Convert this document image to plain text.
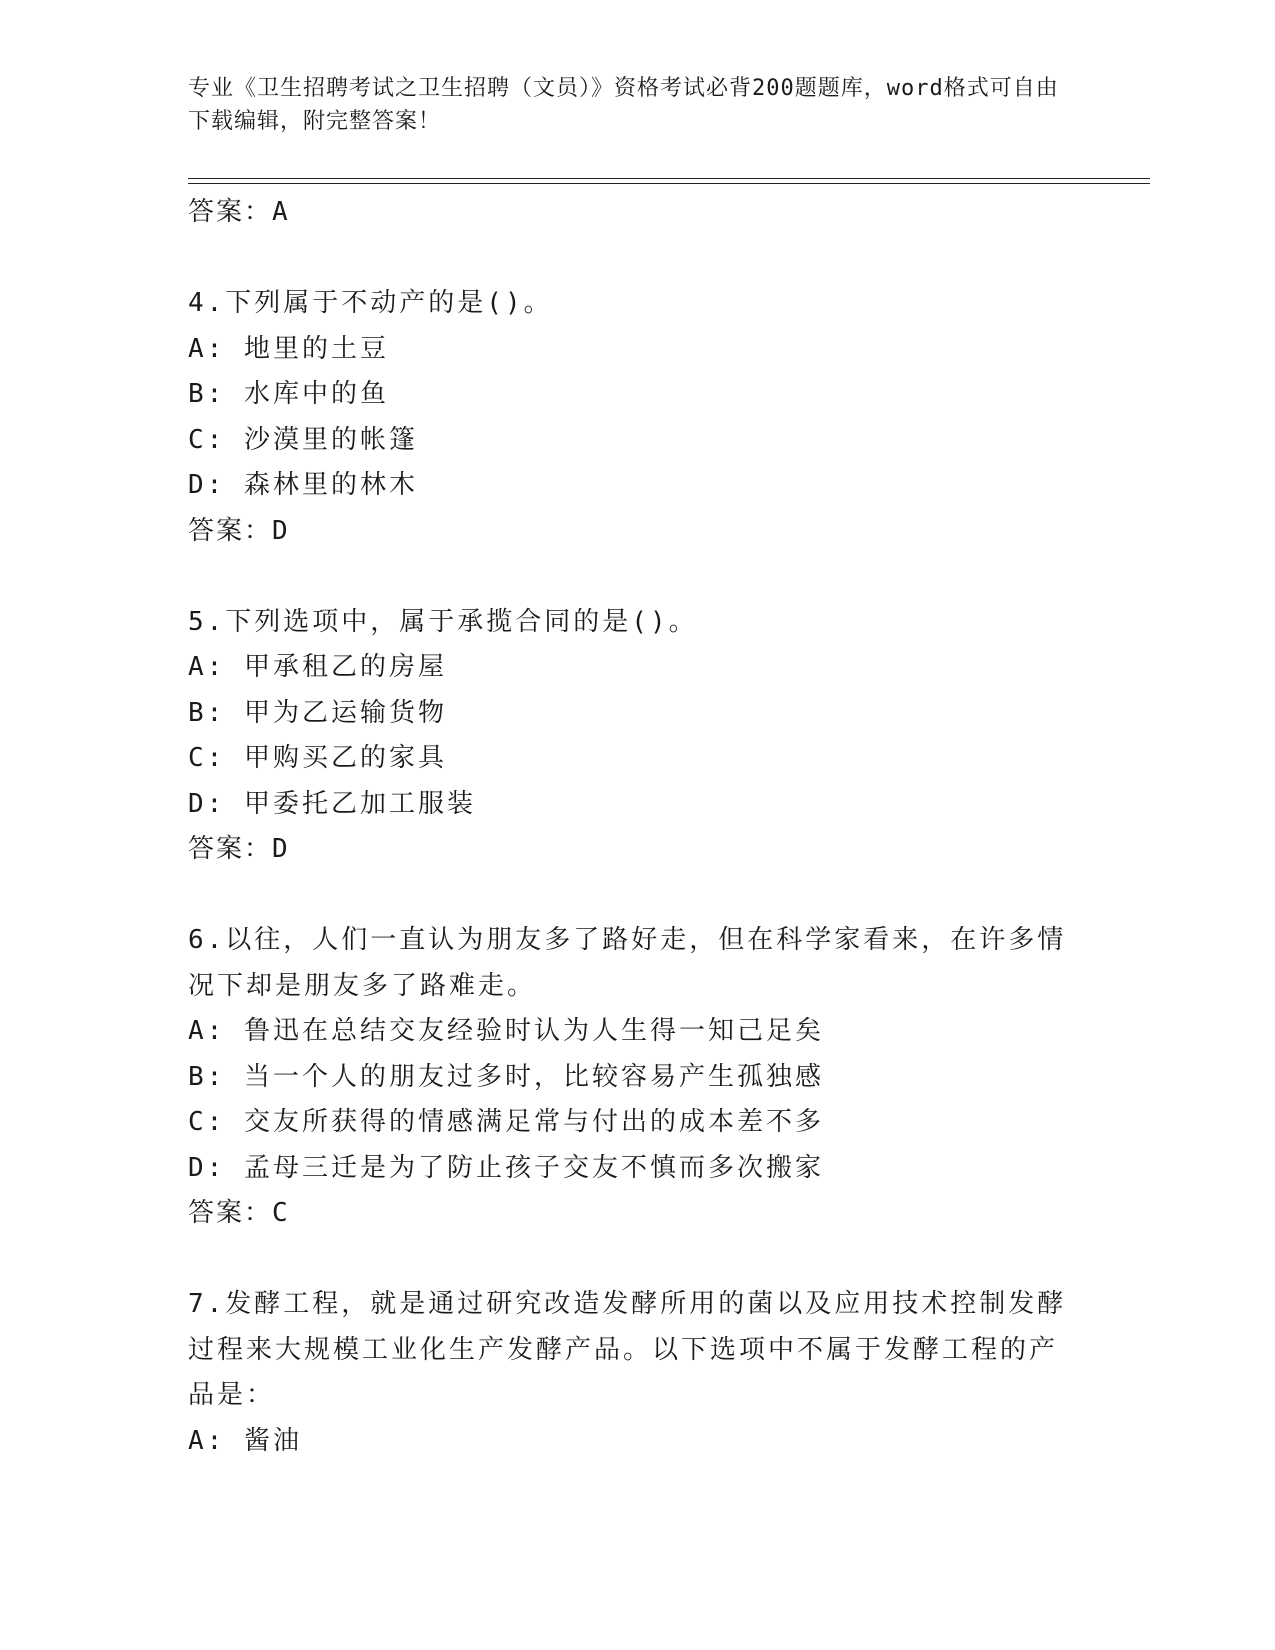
专业《卫生招聘考试之卫生招聘（文员）》资格考试必背200题题库，word格式可自由下载编辑，附完整答案！

答案：A

4.下列属于不动产的是()。

A: 地里的土豆

B: 水库中的鱼

C: 沙漠里的帐篷

D: 森林里的林木

答案：D

5.下列选项中，属于承揽合同的是()。

A: 甲承租乙的房屋

B: 甲为乙运输货物

C: 甲购买乙的家具

D: 甲委托乙加工服装

答案：D

6.以往，人们一直认为朋友多了路好走，但在科学家看来，在许多情况下却是朋友多了路难走。

A: 鲁迅在总结交友经验时认为人生得一知己足矣

B: 当一个人的朋友过多时，比较容易产生孤独感

C: 交友所获得的情感满足常与付出的成本差不多

D: 孟母三迁是为了防止孩子交友不慎而多次搬家

答案：C

7.发酵工程，就是通过研究改造发酵所用的菌以及应用技术控制发酵过程来大规模工业化生产发酵产品。以下选项中不属于发酵工程的产品是：

A: 酱油
